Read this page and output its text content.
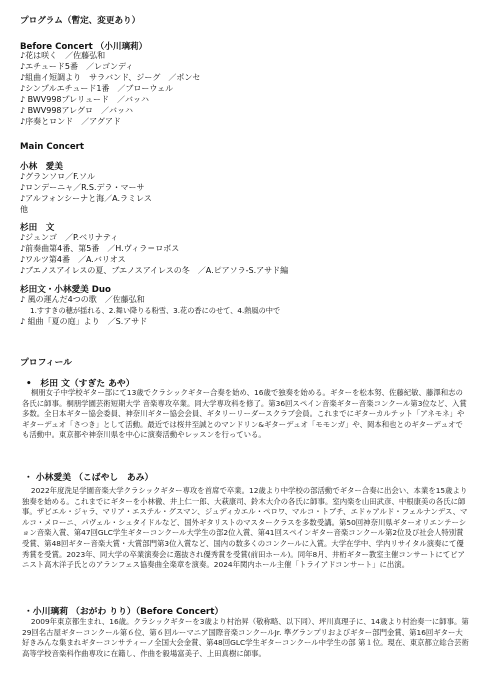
プログラム（暫定、変更あり）
Before Concert （小川璃莉）
♪花は咲く　／佐藤弘和
♪エチュード5番　／レゴンディ
♪組曲イ短調より　サラバンド、ジーグ　／ポンセ
♪シンプルエチュード1番　／ブローウェル
♪ BWV998プレリュード　／バッハ
♪ BWV998アレグロ　／バッハ
♪序奏とロンド　／アグアド
Main Concert
小林　愛美
♪グランソロ／F.ソル
♪ロンデーニャ／R.S.デラ・マーサ
♪アルフォンシーナと海／A.ラミレス
他
杉田　文
♪ジュンゴ　／P.ベリナティ
♪前奏曲第4番、第5番　／H.ヴィラ＝ロボス
♪ワルツ第4番　／A.バリオス
♪ブエノスアイレスの夏、ブエノスアイレスの冬　／A.ピアソラ-S.アサド編
杉田文・小林愛美 Duo
♪ 風の運んだ4つの歌　／佐藤弘和
1.すすきの穂が揺れる、2.舞い降りる粉雪、3.花の香にのせて、4.熱風の中で
♪ 組曲「夏の庭」より　／S.アサド
プロフィール
•　杉田 文（すぎた あや）
桐朋女子中学校ギター部にて13歳でクラシックギター合奏を始め、16歳で独奏を始める。ギターを松本努、佐藤紀敏、藤澤和志の各氏に師事。桐朋学園芸術短期大学 音楽専攻卒業。同大学専攻科を修了。第36回スペイン音楽ギター音楽コンクール第3位など、入賞多数。全日本ギター協会委員、神奈川ギター協会会員、ギタリーリーダースクラブ会員。これまでにギターカルテット「アネモネ」やギターデュオ「さつき」として活動。最近では桜井至誠とのマンドリン&ギターデュオ「モモンガ」や、岡本和也とのギターデュオでも活動中。東京都や神奈川県を中心に演奏活動やレッスンを行っている。
・ 小林愛美 （こばやし　あみ）
2022年度洗足学園音楽大学クラシックギター専攻を首席で卒業。12歳より中学校の部活動でギター合奏に出会い、本業を15歳より独奏を始める。これまでにギターを小林徹、井上仁一郎、大萩康司、鈴木大介の各氏に師事。室内楽を山田武彦、中根康美の各氏に師事。ザビエル・ジャラ、マリア・エステル・グスマン、ジュディカエル・ペロワ、マルコ・トブチ、エドゥアルド・フェルナンデス、マルコ・メローニ、パヴェル・シュタイドルなど、国外ギタリストのマスタークラスを多数受講。第50回神奈川県ギターオリエンテーション音楽入賞、第47回GLC学生ギターコンクール大学生の部2位入賞、第41回スペインギター音楽コンクール第2位及び社会人特別賞受賞、第48回ギター音楽大賞・大賞部門第3位入賞など、国内の数多くのコンクールに入賞。大学在学中、学内リサイタル演奏にて優秀賞を受賞。2023年、同大学の卒業演奏会に選抜され優秀賞を受賞(前田ホール)。同年8月、井桁ギター教室主催コンサートにてピアニスト高木洋子氏とのアランフェス協奏曲全楽章を演奏。2024年関内ホール主催「トライアドコンサート」に出演。
・小川璃莉 （おがわ りり）（Before Concert）
2009年東京都生まれ、16歳。クラシックギターを3歳より村治昇（敬称略、以下同）、坪川真理子に、14歳より村治奏一に師事。第29回名古屋ギターコンクール第６位、第６回ルーマニア国際音楽コンクールJr. 準グランプリおよびギター部門金賞、第16回ギター大好きみんな集まれギターコンサティーノ全国大会金賞、第48回GLC学生ギターコンクール中学生の部 第１位。現在、東京都立総合芸術高等学校音楽科作曲専攻に在籍し、作曲を毅場富美子、上田真樹に師事。
